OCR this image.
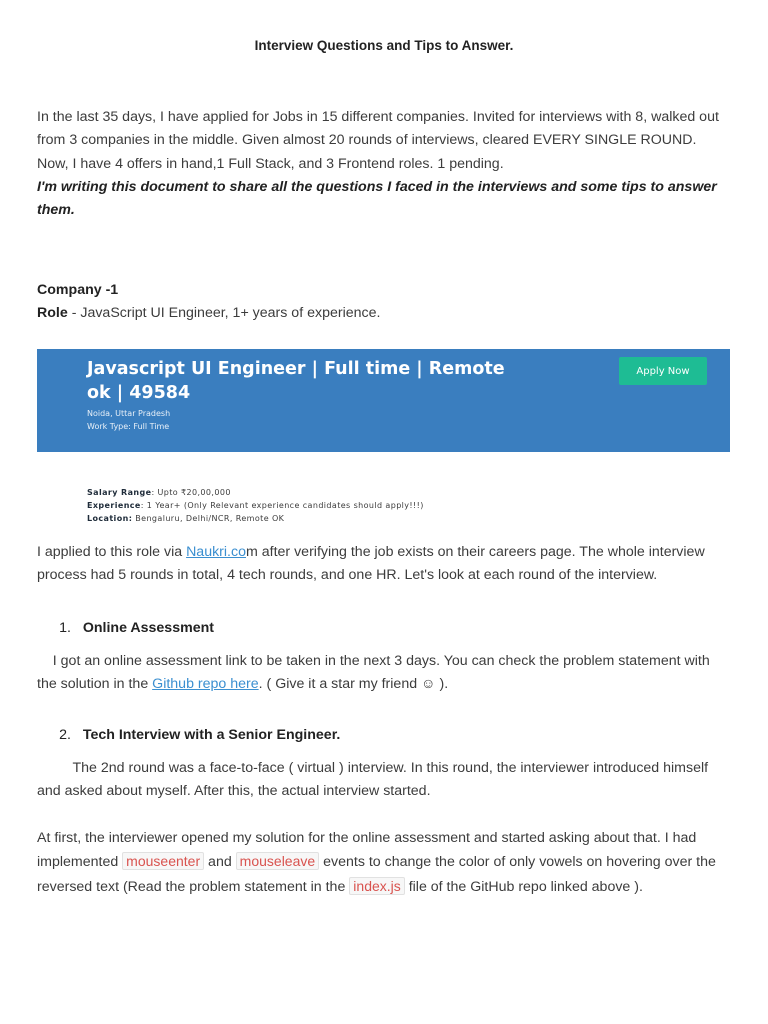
Interview Questions and Tips to Answer.

In the last 35 days, I have applied for Jobs in 15 different companies. Invited for interviews with 8, walked out from 3 companies in the middle. Given almost 20 rounds of interviews, cleared EVERY SINGLE ROUND.
Now, I have 4 offers in hand,1 Full Stack, and 3 Frontend roles. 1 pending.
I'm writing this document to share all the questions I faced in the interviews and some tips to answer them.

Company -1
Role - JavaScript UI Engineer, 1+ years of experience.

Javascript UI Engineer | Full time | Remote ok | 49584
Noida, Uttar Pradesh
Work Type: Full Time
Apply Now
Salary Range: Upto ₹20,00,000
Experience: 1 Year+ (Only Relevant experience candidates should apply!!!)
Location: Bengaluru, Delhi/NCR, Remote OK

I applied to this role via Naukri.com after verifying the job exists on their careers page. The whole interview process had 5 rounds in total, 4 tech rounds, and one HR. Let's look at each round of the interview.

1. Online Assessment

I got an online assessment link to be taken in the next 3 days. You can check the problem statement with the solution in the Github repo here. ( Give it a star my friend ☺ ).

2. Tech Interview with a Senior Engineer.

The 2nd round was a face-to-face ( virtual ) interview. In this round, the interviewer introduced himself and asked about myself. After this, the actual interview started.

At first, the interviewer opened my solution for the online assessment and started asking about that. I had implemented mouseenter and mouseleave events to change the color of only vowels on hovering over the reversed text (Read the problem statement in the index.js file of the GitHub repo linked above ).
